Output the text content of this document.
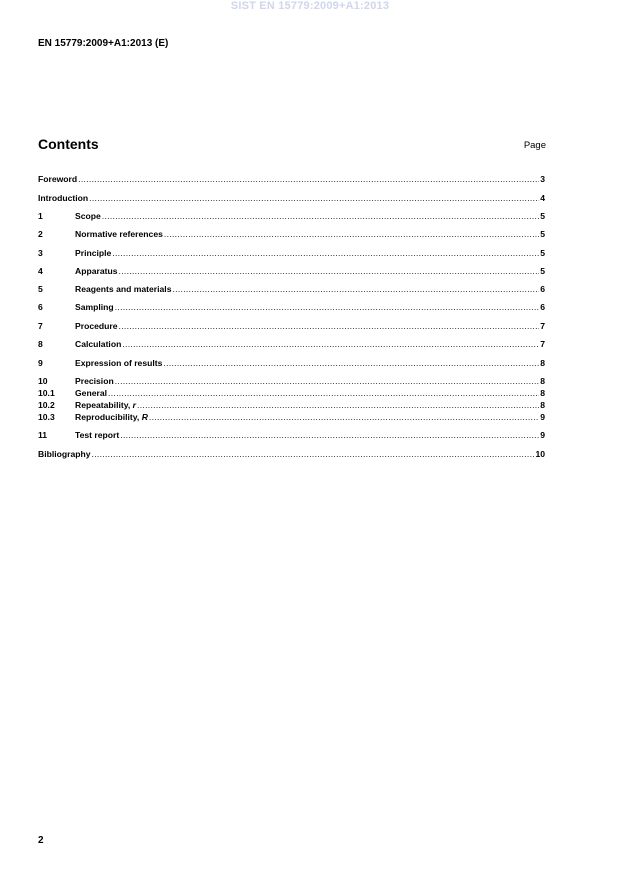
SIST EN 15779:2009+A1:2013
EN 15779:2009+A1:2013 (E)
Contents	Page
Foreword .....	3
Introduction .....	4
1	Scope .....	5
2	Normative references .....	5
3	Principle .....	5
4	Apparatus .....	5
5	Reagents and materials .....	6
6	Sampling .....	6
7	Procedure .....	7
8	Calculation .....	7
9	Expression of results .....	8
10	Precision .....	8
10.1	General .....	8
10.2	Repeatability, r .....	8
10.3	Reproducibility, R .....	9
11	Test report .....	9
Bibliography .....	10
2
